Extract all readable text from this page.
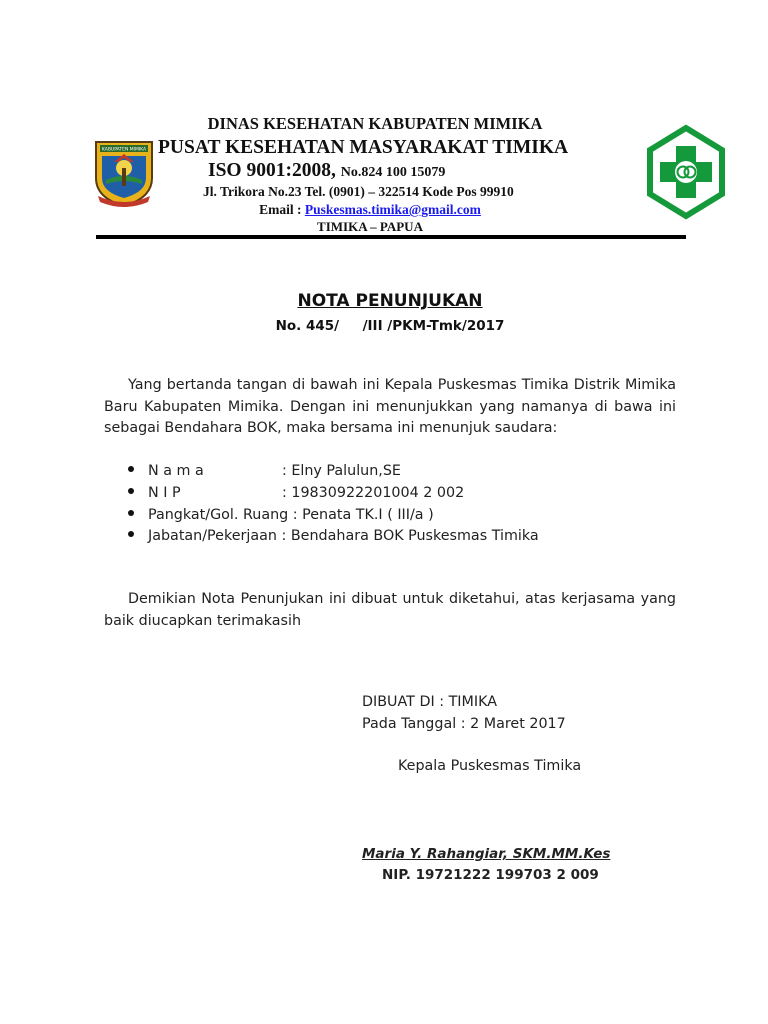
KABUPATEN MIMIKA
DINAS KESEHATAN KABUPATEN MIMIKA
PUSAT KESEHATAN MASYARAKAT TIMIKA
ISO 9001:2008, No.824 100 15079
Jl. Trikora No.23 Tel. (0901) – 322514 Kode Pos 99910
Email : Puskesmas.timika@gmail.com
TIMIKA – PAPUA
NOTA PENUNJUKAN
No. 445/     /III /PKM-Tmk/2017
Yang bertanda tangan di bawah ini Kepala Puskesmas Timika Distrik Mimika Baru Kabupaten Mimika. Dengan ini menunjukkan yang namanya di bawa ini sebagai Bendahara BOK, maka bersama ini menunjuk saudara:
N a m a	: Elny Palulun,SE
N I P	: 19830922201004 2 002
Pangkat/Gol. Ruang : Penata TK.I ( III/a )
Jabatan/Pekerjaan : Bendahara BOK Puskesmas Timika
Demikian Nota Penunjukan ini dibuat untuk diketahui, atas kerjasama yang baik diucapkan terimakasih
DIBUAT DI : TIMIKA
Pada Tanggal : 2 Maret 2017
Kepala Puskesmas Timika
Maria Y. Rahangiar, SKM.MM.Kes
NIP. 19721222 199703 2 009
